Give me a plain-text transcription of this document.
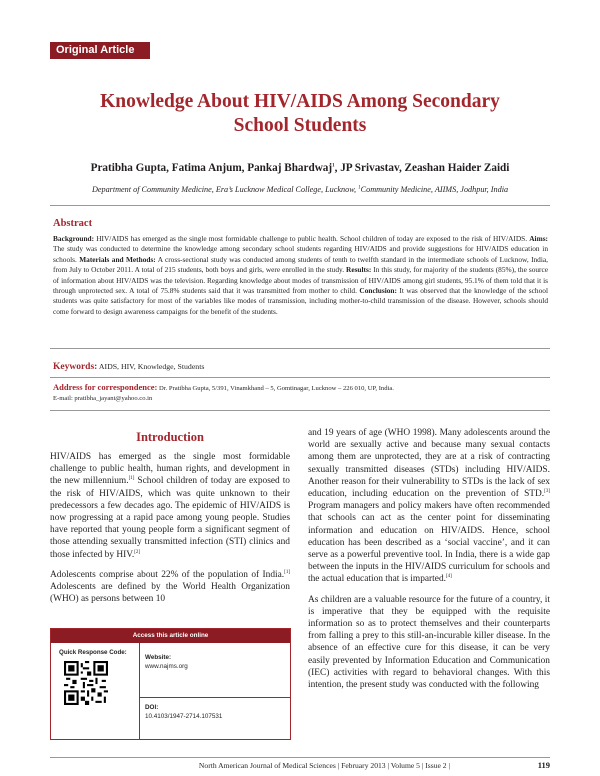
Original Article
Knowledge About HIV/AIDS Among Secondary
School Students
Pratibha Gupta, Fatima Anjum, Pankaj Bhardwaj$^1$, JP Srivastav, Zeashan Haider Zaidi
Department of Community Medicine, Era’s Lucknow Medical College, Lucknow, $^1$Community Medicine, AIIMS, Jodhpur, India
Abstract
Background: HIV/AIDS has emerged as the single most formidable challenge to public health. School children of today are exposed to the risk of HIV/AIDS. Aims: The study was conducted to determine the knowledge among secondary school students regarding HIV/AIDS and provide suggestions for HIV/AIDS education in schools. Materials and Methods: A cross-sectional study was conducted among students of tenth to twelfth standard in the intermediate schools of Lucknow, India, from July to October 2011. A total of 215 students, both boys and girls, were enrolled in the study. Results: In this study, for majority of the students (85%), the source of information about HIV/AIDS was the television. Regarding knowledge about modes of transmission of HIV/AIDS among girl students, 95.1% of them told that it is through unprotected sex. A total of 75.8% students said that it was transmitted from mother to child. Conclusion: It was observed that the knowledge of the school students was quite satisfactory for most of the variables like modes of transmission, including mother-to-child transmission of the disease. However, schools should come forward to design awareness campaigns for the benefit of the students.
Keywords: AIDS, HIV, Knowledge, Students
Address for correspondence: Dr. Pratibha Gupta, 5/391, Vinamkhand – 5, Gomtinagar, Lucknow – 226 010, UP, India.
E-mail: pratibha_jayant@yahoo.co.in
Introduction

HIV/AIDS has emerged as the single most formidable challenge to public health, human rights, and development in the new millennium.[1] School children of today are exposed to the risk of HIV/AIDS, which was quite unknown to their predecessors a few decades ago. The epidemic of HIV/AIDS is now progressing at a rapid pace among young people. Studies have reported that young people form a significant segment of those attending sexually transmitted infection (STI) clinics and those infected by HIV.[2]

Adolescents comprise about 22% of the population of India.[1] Adolescents are defined by the World Health Organization (WHO) as persons between 10

and 19 years of age (WHO 1998). Many adolescents around the world are sexually active and because many sexual contacts among them are unprotected, they are at a risk of contracting sexually transmitted diseases (STDs) including HIV/AIDS. Another reason for their vulnerability to STDs is the lack of sex education, including education on the prevention of STD.[3] Program managers and policy makers have often recommended that schools can act as the center point for disseminating information and education on HIV/AIDS. Hence, school education has been described as a ‘social vaccine’, and it can serve as a powerful preventive tool. In India, there is a wide gap between the inputs in the HIV/AIDS curriculum for schools and the actual education that is imparted.[4]

As children are a valuable resource for the future of a country, it is imperative that they be equipped with the requisite information so as to protect themselves and their counterparts from falling a prey to this still-an-incurable killer disease. In the absence of an effective cure for this disease, it can be very easily prevented by Information Education and Communication (IEC) activities with regard to behavioral changes. With this intention, the present study was conducted with the following

Access this article online
Quick Response Code:
Website:
www.najms.org
DOI:
10.4103/1947-2714.107531
North American Journal of Medical Sciences | February 2013 | Volume 5 | Issue 2 |	119
